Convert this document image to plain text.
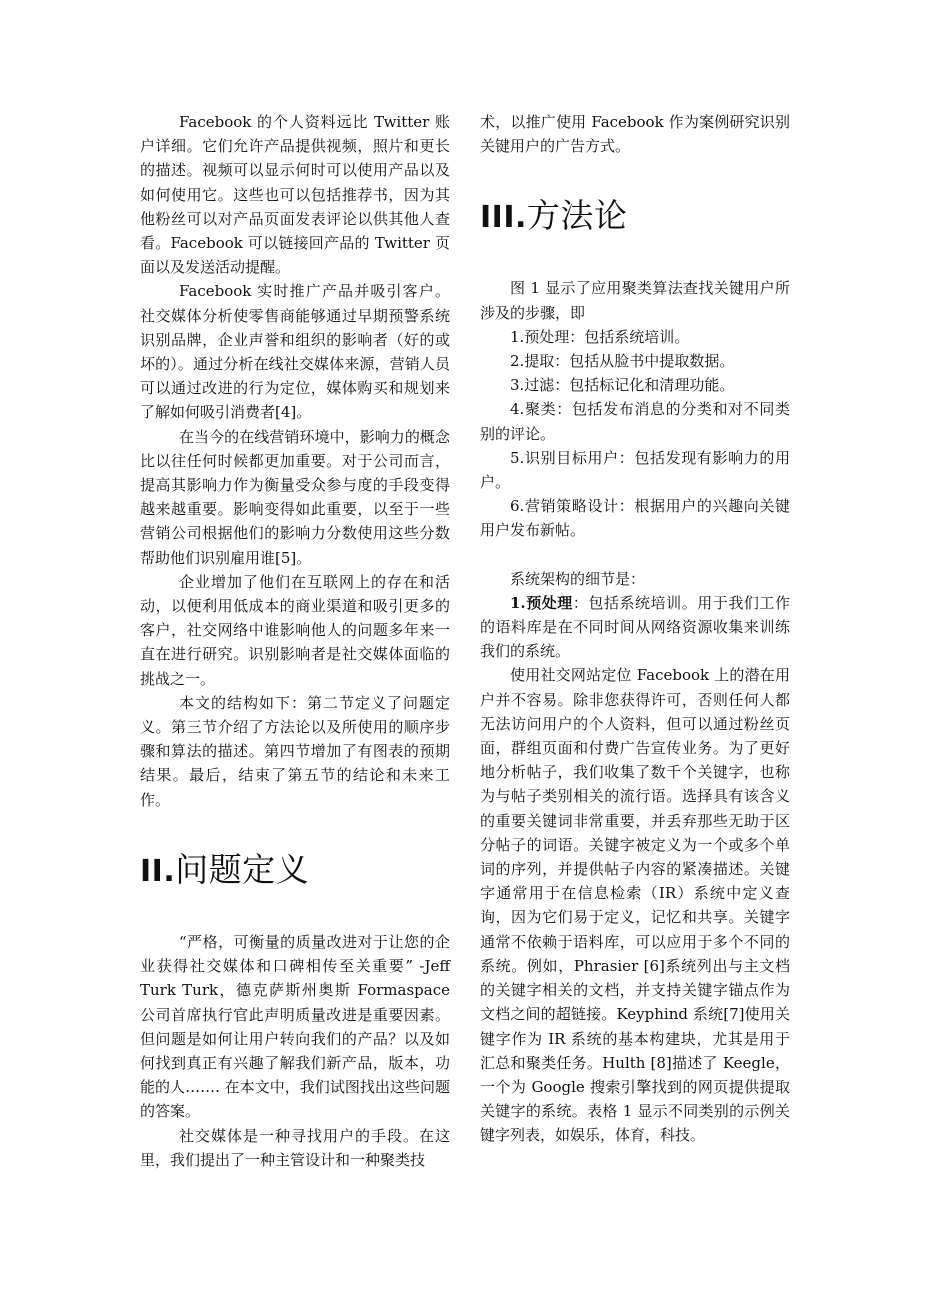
Facebook 的个人资料远比 Twitter 账户详细。它们允许产品提供视频，照片和更长的描述。视频可以显示何时可以使用产品以及如何使用它。这些也可以包括推荐书，因为其他粉丝可以对产品页面发表评论以供其他人查看。Facebook 可以链接回产品的 Twitter 页面以及发送活动提醒。

Facebook 实时推广产品并吸引客户。社交媒体分析使零售商能够通过早期预警系统识别品牌，企业声誉和组织的影响者（好的或坏的）。通过分析在线社交媒体来源，营销人员可以通过改进的行为定位，媒体购买和规划来了解如何吸引消费者[4]。

在当今的在线营销环境中，影响力的概念比以往任何时候都更加重要。对于公司而言，提高其影响力作为衡量受众参与度的手段变得越来越重要。影响变得如此重要，以至于一些营销公司根据他们的影响力分数使用这些分数帮助他们识别雇用谁[5]。

企业增加了他们在互联网上的存在和活动，以便利用低成本的商业渠道和吸引更多的客户，社交网络中谁影响他人的问题多年来一直在进行研究。识别影响者是社交媒体面临的挑战之一。

本文的结构如下：第二节定义了问题定义。第三节介绍了方法论以及所使用的顺序步骤和算法的描述。第四节增加了有图表的预期结果。最后，结束了第五节的结论和未来工作。

II.问题定义

“严格，可衡量的质量改进对于让您的企业获得社交媒体和口碑相传至关重要” -Jeff Turk Turk，德克萨斯州奥斯 Formaspace 公司首席执行官此声明质量改进是重要因素。 但问题是如何让用户转向我们的产品？以及如何找到真正有兴趣了解我们新产品，版本，功能的人……. 在本文中，我们试图找出这些问题的答案。

社交媒体是一种寻找用户的手段。在这里，我们提出了一种主管设计和一种聚类技

术，以推广使用 Facebook 作为案例研究识别关键用户的广告方式。

III.方法论

图 1 显示了应用聚类算法查找关键用户所涉及的步骤，即

1.预处理：包括系统培训。

2.提取：包括从脸书中提取数据。

3.过滤：包括标记化和清理功能。

4.聚类：包括发布消息的分类和对不同类别的评论。

5.识别目标用户：包括发现有影响力的用户。

6.营销策略设计：根据用户的兴趣向关键用户发布新帖。

系统架构的细节是：

1.预处理：包括系统培训。用于我们工作的语料库是在不同时间从网络资源收集来训练我们的系统。

使用社交网站定位 Facebook 上的潜在用户并不容易。除非您获得许可，否则任何人都无法访问用户的个人资料，但可以通过粉丝页面，群组页面和付费广告宣传业务。为了更好地分析帖子，我们收集了数千个关键字，也称为与帖子类别相关的流行语。选择具有该含义的重要关键词非常重要，并丢弃那些无助于区分帖子的词语。关键字被定义为一个或多个单词的序列，并提供帖子内容的紧凑描述。关键字通常用于在信息检索（IR）系统中定义查询，因为它们易于定义，记忆和共享。关键字通常不依赖于语料库，可以应用于多个不同的系统。例如，Phrasier [6]系统列出与主文档的关键字相关的文档，并支持关键字锚点作为文档之间的超链接。Keyphind 系统[7]使用关键字作为 IR 系统的基本构建块，尤其是用于汇总和聚类任务。Hulth [8]描述了 Keegle，一个为 Google 搜索引擎找到的网页提供提取关键字的系统。表格 1 显示不同类别的示例关键字列表，如娱乐，体育，科技。
